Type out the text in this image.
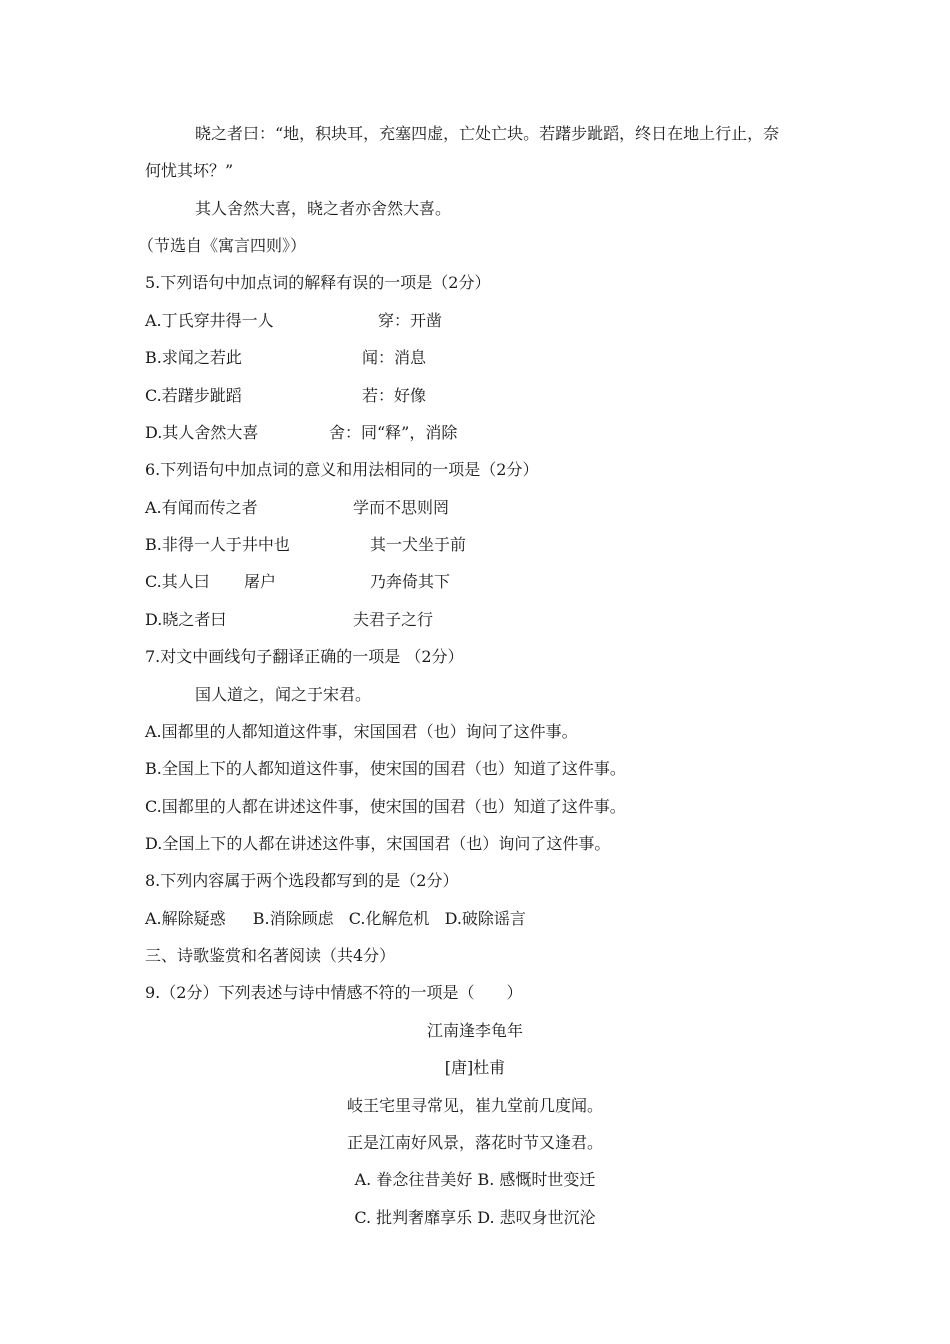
晓之者曰：“地，积块耳，充塞四虚，亡处亡块。若躇步跐蹈，终日在地上行止，奈
何忧其坏？”
其人舍然大喜，晓之者亦舍然大喜。
（节选自《寓言四则》）
5.下列语句中加点词的解释有误的一项是（2分）
A.丁氏穿井得一人	穿：开凿
B.求闻之若此	闻：消息
C.若躇步跐蹈	若：好像
D.其人舍然大喜	舍：同“释”，消除
6.下列语句中加点词的意义和用法相同的一项是（2分）
A.有闻而传之者	学而不思则罔
B.非得一人于井中也	其一犬坐于前
C.其人曰 屠户	乃奔倚其下
D.晓之者曰	夫君子之行
7.对文中画线句子翻译正确的一项是 （2分）
国人道之，闻之于宋君。
A.国都里的人都知道这件事，宋国国君（也）询问了这件事。
B.全国上下的人都知道这件事，使宋国的国君（也）知道了这件事。
C.国都里的人都在讲述这件事，使宋国的国君（也）知道了这件事。
D.全国上下的人都在讲述这件事，宋国国君（也）询问了这件事。
8.下列内容属于两个选段都写到的是（2分）
A.解除疑惑 B.消除顾虑 C.化解危机 D.破除谣言
三、诗歌鉴赏和名著阅读（共4分）
9.（2分）下列表述与诗中情感不符的一项是（　　）
江南逢李龟年
[唐]杜甫
岐王宅里寻常见，崔九堂前几度闻。
正是江南好风景，落花时节又逢君。
A. 眷念往昔美好 B. 感慨时世变迁
C. 批判奢靡享乐 D. 悲叹身世沉沦
